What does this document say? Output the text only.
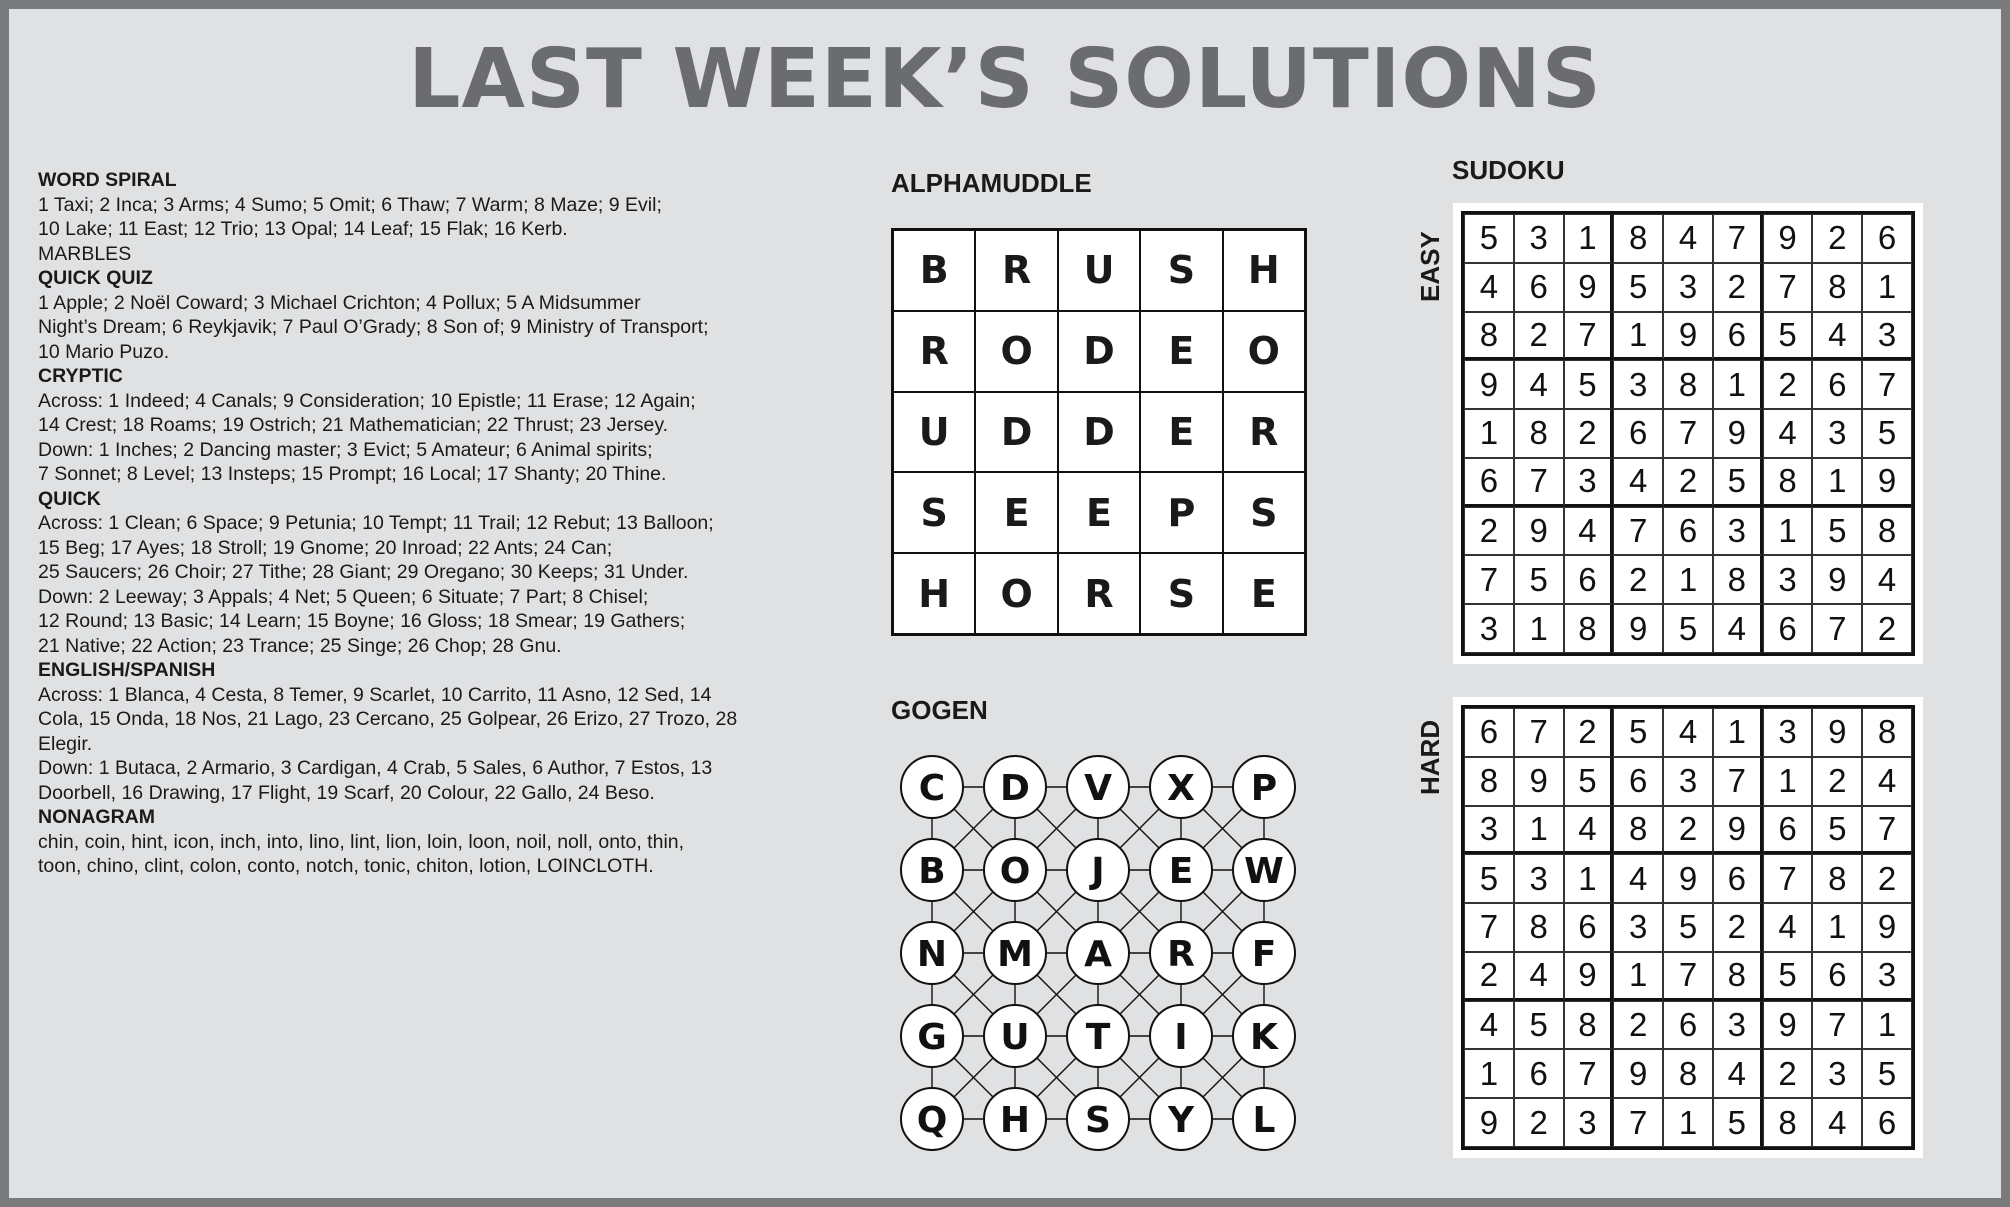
LAST WEEK’S SOLUTIONS
WORD SPIRAL
1 Taxi; 2 Inca; 3 Arms; 4 Sumo; 5 Omit; 6 Thaw; 7 Warm; 8 Maze; 9 Evil;
10 Lake; 11 East; 12 Trio; 13 Opal; 14 Leaf; 15 Flak; 16 Kerb.
MARBLES
QUICK QUIZ
1 Apple; 2 Noël Coward; 3 Michael Crichton; 4 Pollux; 5 A Midsummer
Night’s Dream; 6 Reykjavik; 7 Paul O’Grady; 8 Son of; 9 Ministry of Transport;
10 Mario Puzo.
CRYPTIC
Across: 1 Indeed; 4 Canals; 9 Consideration; 10 Epistle; 11 Erase; 12 Again;
14 Crest; 18 Roams; 19 Ostrich; 21 Mathematician; 22 Thrust; 23 Jersey.
Down: 1 Inches; 2 Dancing master; 3 Evict; 5 Amateur; 6 Animal spirits;
7 Sonnet; 8 Level; 13 Insteps; 15 Prompt; 16 Local; 17 Shanty; 20 Thine.
QUICK
Across: 1 Clean; 6 Space; 9 Petunia; 10 Tempt; 11 Trail; 12 Rebut; 13 Balloon;
15 Beg; 17 Ayes; 18 Stroll; 19 Gnome; 20 Inroad; 22 Ants; 24 Can;
25 Saucers; 26 Choir; 27 Tithe; 28 Giant; 29 Oregano; 30 Keeps; 31 Under.
Down: 2 Leeway; 3 Appals; 4 Net; 5 Queen; 6 Situate; 7 Part; 8 Chisel;
12 Round; 13 Basic; 14 Learn; 15 Boyne; 16 Gloss; 18 Smear; 19 Gathers;
21 Native; 22 Action; 23 Trance; 25 Singe; 26 Chop; 28 Gnu.
ENGLISH/SPANISH
Across: 1 Blanca, 4 Cesta, 8 Temer, 9 Scarlet, 10 Carrito, 11 Asno, 12 Sed, 14
Cola, 15 Onda, 18 Nos, 21 Lago, 23 Cercano, 25 Golpear, 26 Erizo, 27 Trozo, 28
Elegir.
Down: 1 Butaca, 2 Armario, 3 Cardigan, 4 Crab, 5 Sales, 6 Author, 7 Estos, 13
Doorbell, 16 Drawing, 17 Flight, 19 Scarf, 20 Colour, 22 Gallo, 24 Beso.
NONAGRAM
chin, coin, hint, icon, inch, into, lino, lint, lion, loin, loon, noil, noll, onto, thin,
toon, chino, clint, colon, conto, notch, tonic, chiton, lotion, LOINCLOTH.
ALPHAMUDDLE
B	R	U	S	H
R	O	D	E	O
U	D	D	E	R
S	E	E	P	S
H	O	R	S	E
GOGEN
C D V X P
B O J E W
N M A R F
G U T I K
Q H S Y L
SUDOKU
EASY	5 3 1 8 4 7 9 2 6
4 6 9 5 3 2 7 8 1
8 2 7 1 9 6 5 4 3
9 4 5 3 8 1 2 6 7
1 8 2 6 7 9 4 3 5
6 7 3 4 2 5 8 1 9
2 9 4 7 6 3 1 5 8
7 5 6 2 1 8 3 9 4
3 1 8 9 5 4 6 7 2
HARD	6 7 2 5 4 1 3 9 8
8 9 5 6 3 7 1 2 4
3 1 4 8 2 9 6 5 7
5 3 1 4 9 6 7 8 2
7 8 6 3 5 2 4 1 9
2 4 9 1 7 8 5 6 3
4 5 8 2 6 3 9 7 1
1 6 7 9 8 4 2 3 5
9 2 3 7 1 5 8 4 6
